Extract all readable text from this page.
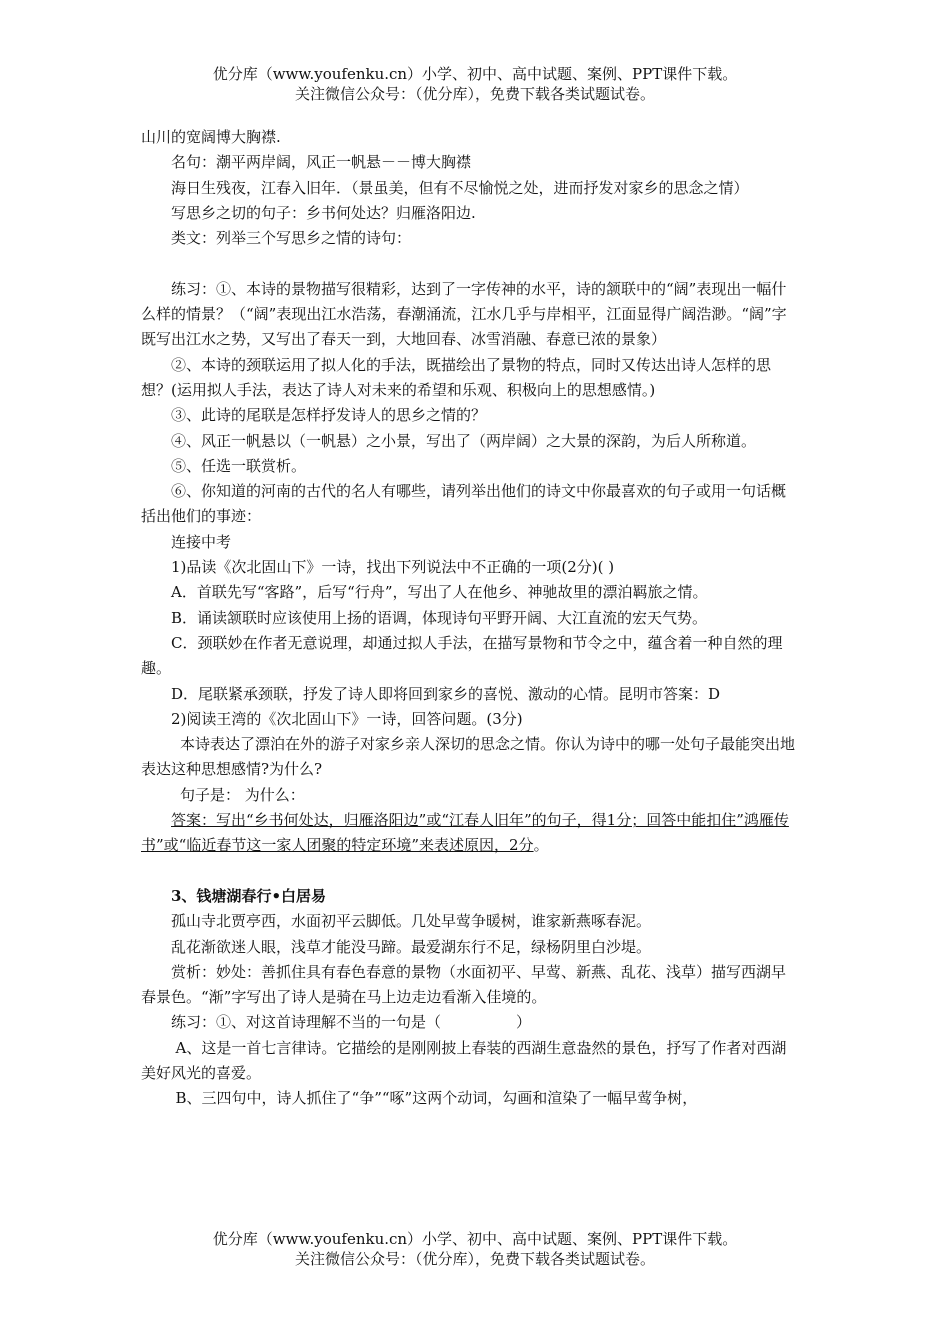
优分库（www.youfenku.cn）小学、初中、高中试题、案例、PPT课件下载。
关注微信公众号：（优分库），免费下载各类试题试卷。

山川的宽阔博大胸襟.

名句：潮平两岸阔，风正一帆悬－－博大胸襟

海日生残夜，江春入旧年．（景虽美，但有不尽愉悦之处，进而抒发对家乡的思念之情）

写思乡之切的句子：乡书何处达？归雁洛阳边.

类文：列举三个写思乡之情的诗句：

练习：①、本诗的景物描写很精彩，达到了一字传神的水平，诗的颔联中的“阔”表现出一幅什么样的情景？（“阔”表现出江水浩荡，春潮涌流，江水几乎与岸相平，江面显得广阔浩渺。“阔”字既写出江水之势，又写出了春天一到，大地回春、冰雪消融、春意已浓的景象）

②、本诗的颈联运用了拟人化的手法，既描绘出了景物的特点，同时又传达出诗人怎样的思想？(运用拟人手法，表达了诗人对未来的希望和乐观、积极向上的思想感情。)

③、此诗的尾联是怎样抒发诗人的思乡之情的？

④、风正一帆悬以（一帆悬）之小景，写出了（两岸阔）之大景的深韵，为后人所称道。

⑤、任选一联赏析。

⑥、你知道的河南的古代的名人有哪些，请列举出他们的诗文中你最喜欢的句子或用一句话概括出他们的事迹：

连接中考

1)品读《次北固山下》一诗，找出下列说法中不正确的一项(2分)( )

A．首联先写“客路”，后写“行舟”，写出了人在他乡、神驰故里的漂泊羁旅之情。

B．诵读颔联时应该使用上扬的语调，体现诗句平野开阔、大江直流的宏天气势。

C．颈联妙在作者无意说理，却通过拟人手法，在描写景物和节令之中，蕴含着一种自然的理趣。

D．尾联紧承颈联，抒发了诗人即将回到家乡的喜悦、激动的心情。昆明市答案：D

2)阅读王湾的《次北固山下》一诗，回答问题。(3分)

本诗表达了漂泊在外的游子对家乡亲人深切的思念之情。你认为诗中的哪一处句子最能突出地表达这种思想感情?为什么?

句子是： 为什么：

答案：写出“乡书何处达，归雁洛阳边”或“江春人旧年”的句子，得1分；回答中能扣住”鸿雁传书”或“临近春节这一家人团聚的特定环境”来表述原因，2分。

3、钱塘湖春行•白居易

孤山寺北贾亭西，水面初平云脚低。几处早莺争暖树，谁家新燕啄春泥。

乱花渐欲迷人眼，浅草才能没马蹄。最爱湖东行不足，绿杨阴里白沙堤。

赏析：妙处：善抓住具有春色春意的景物（水面初平、早莺、新燕、乱花、浅草）描写西湖早春景色。“渐”字写出了诗人是骑在马上边走边看渐入佳境的。

练习：①、对这首诗理解不当的一句是（　　　　　）

A、这是一首七言律诗。它描绘的是刚刚披上春装的西湖生意盎然的景色，抒写了作者对西湖美好风光的喜爱。

B、三四句中，诗人抓住了“争”“啄”这两个动词，勾画和渲染了一幅早莺争树，

优分库（www.youfenku.cn）小学、初中、高中试题、案例、PPT课件下载。
关注微信公众号：（优分库），免费下载各类试题试卷。
